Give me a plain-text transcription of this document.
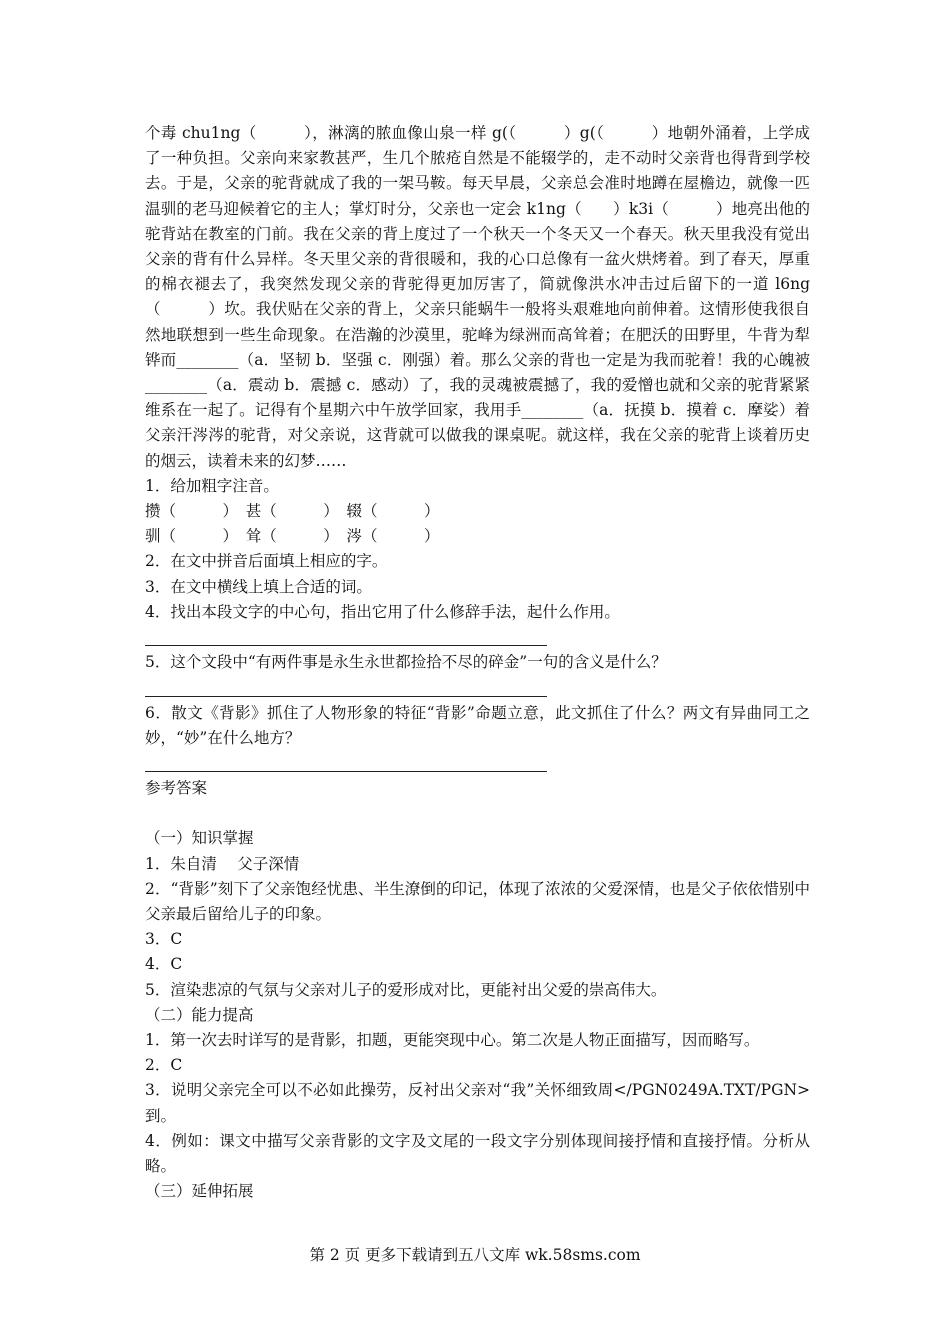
个毒 chu1ng（　　　），淋漓的脓血像山泉一样 g(（　　　）g(（　　　）地朝外涌着，上学成了一种负担。父亲向来家教甚严，生几个脓疮自然是不能辍学的，走不动时父亲背也得背到学校去。于是，父亲的驼背就成了我的一架马鞍。每天早晨，父亲总会准时地蹲在屋檐边，就像一匹温驯的老马迎候着它的主人；掌灯时分，父亲也一定会 k1ng（　　）k3i（　　　）地亮出他的驼背站在教室的门前。我在父亲的背上度过了一个秋天一个冬天又一个春天。秋天里我没有觉出父亲的背有什么异样。冬天里父亲的背很暖和，我的心口总像有一盆火烘烤着。到了春天，厚重的棉衣褪去了，我突然发现父亲的背驼得更加厉害了，简就像洪水冲击过后留下的一道 l6ng（　　　）坎。我伏贴在父亲的背上，父亲只能蜗牛一般将头艰难地向前伸着。这情形使我很自然地联想到一些生命现象。在浩瀚的沙漠里，驼峰为绿洲而高耸着；在肥沃的田野里，牛背为犁铧而________（a．坚韧 b．坚强 c．刚强）着。那么父亲的背也一定是为我而驼着！我的心魄被________（a．震动 b．震撼 c．感动）了，我的灵魂被震撼了，我的爱憎也就和父亲的驼背紧紧维系在一起了。记得有个星期六中午放学回家，我用手________（a．抚摸 b．摸着 c．摩娑）着父亲汗涔涔的驼背，对父亲说，这背就可以做我的课桌呢。就这样，我在父亲的驼背上谈着历史的烟云，读着未来的幻梦……

1．给加粗字注音。

攒（　　　）　甚（　　　）　辍（　　　）

驯（　　　）　耸（　　　）　涔（　　　）

2．在文中拼音后面填上相应的字。

3．在文中横线上填上合适的词。

4．找出本段文字的中心句，指出它用了什么修辞手法，起什么作用。

5．这个文段中“有两件事是永生永世都捡拾不尽的碎金”一句的含义是什么？

6．散文《背影》抓住了人物形象的特征“背影”命题立意，此文抓住了什么？两文有异曲同工之妙，“妙”在什么地方？

参考答案

（一）知识掌握

1．朱自清　 父子深情

2．“背影”刻下了父亲饱经忧患、半生潦倒的印记，体现了浓浓的父爱深情，也是父子依依惜别中父亲最后留给儿子的印象。

3．C

4．C

5．渲染悲凉的气氛与父亲对儿子的爱形成对比，更能衬出父爱的崇高伟大。

（二）能力提高

1．第一次去时详写的是背影，扣题，更能突现中心。第二次是人物正面描写，因而略写。

2．C

3．说明父亲完全可以不必如此操劳，反衬出父亲对“我”关怀细致周</PGN0249A.TXT/PGN>到。

4．例如：课文中描写父亲背影的文字及文尾的一段文字分别体现间接抒情和直接抒情。分析从略。

（三）延伸拓展

第 2 页 更多下载请到五八文库 wk.58sms.com
